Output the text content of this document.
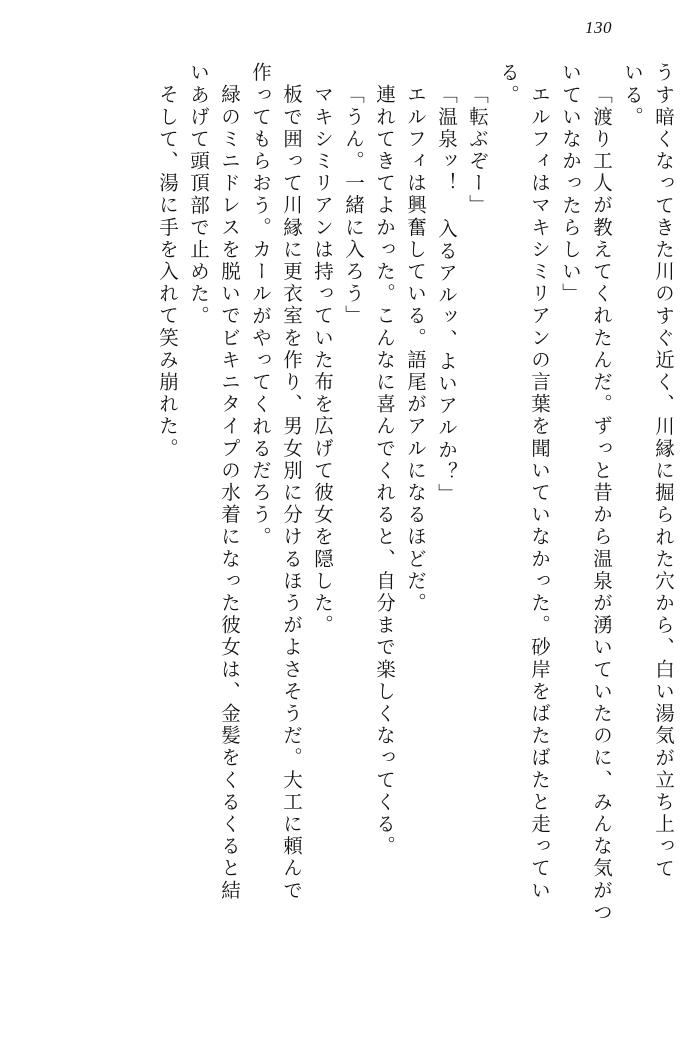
130
うす暗くなってきた川のすぐ近く、川縁に掘られた穴から、白い湯気が立ち上って
いる。
「渡り工人が教えてくれたんだ。ずっと昔から温泉が湧いていたのに、みんな気がつ
いていなかったらしい」
エルフィはマキシミリアンの言葉を聞いていなかった。砂岸をばたばたと走ってい
る。
「転ぶぞー」
「温泉ッ！ 入るアルッ、よいアルか？」
エルフィは興奮している。語尾がアルになるほどだ。
連れてきてよかった。こんなに喜んでくれると、自分まで楽しくなってくる。
「うん。一緒に入ろう」
マキシミリアンは持っていた布を広げて彼女を隠した。
板で囲って川縁に更衣室を作り、男女別に分けるほうがよさそうだ。大工に頼んで
作ってもらおう。カールがやってくれるだろう。
緑のミニドレスを脱いでビキニタイプの水着になった彼女は、金髪をくるくると結
いあげて頭頂部で止めた。
そして、湯に手を入れて笑み崩れた。
